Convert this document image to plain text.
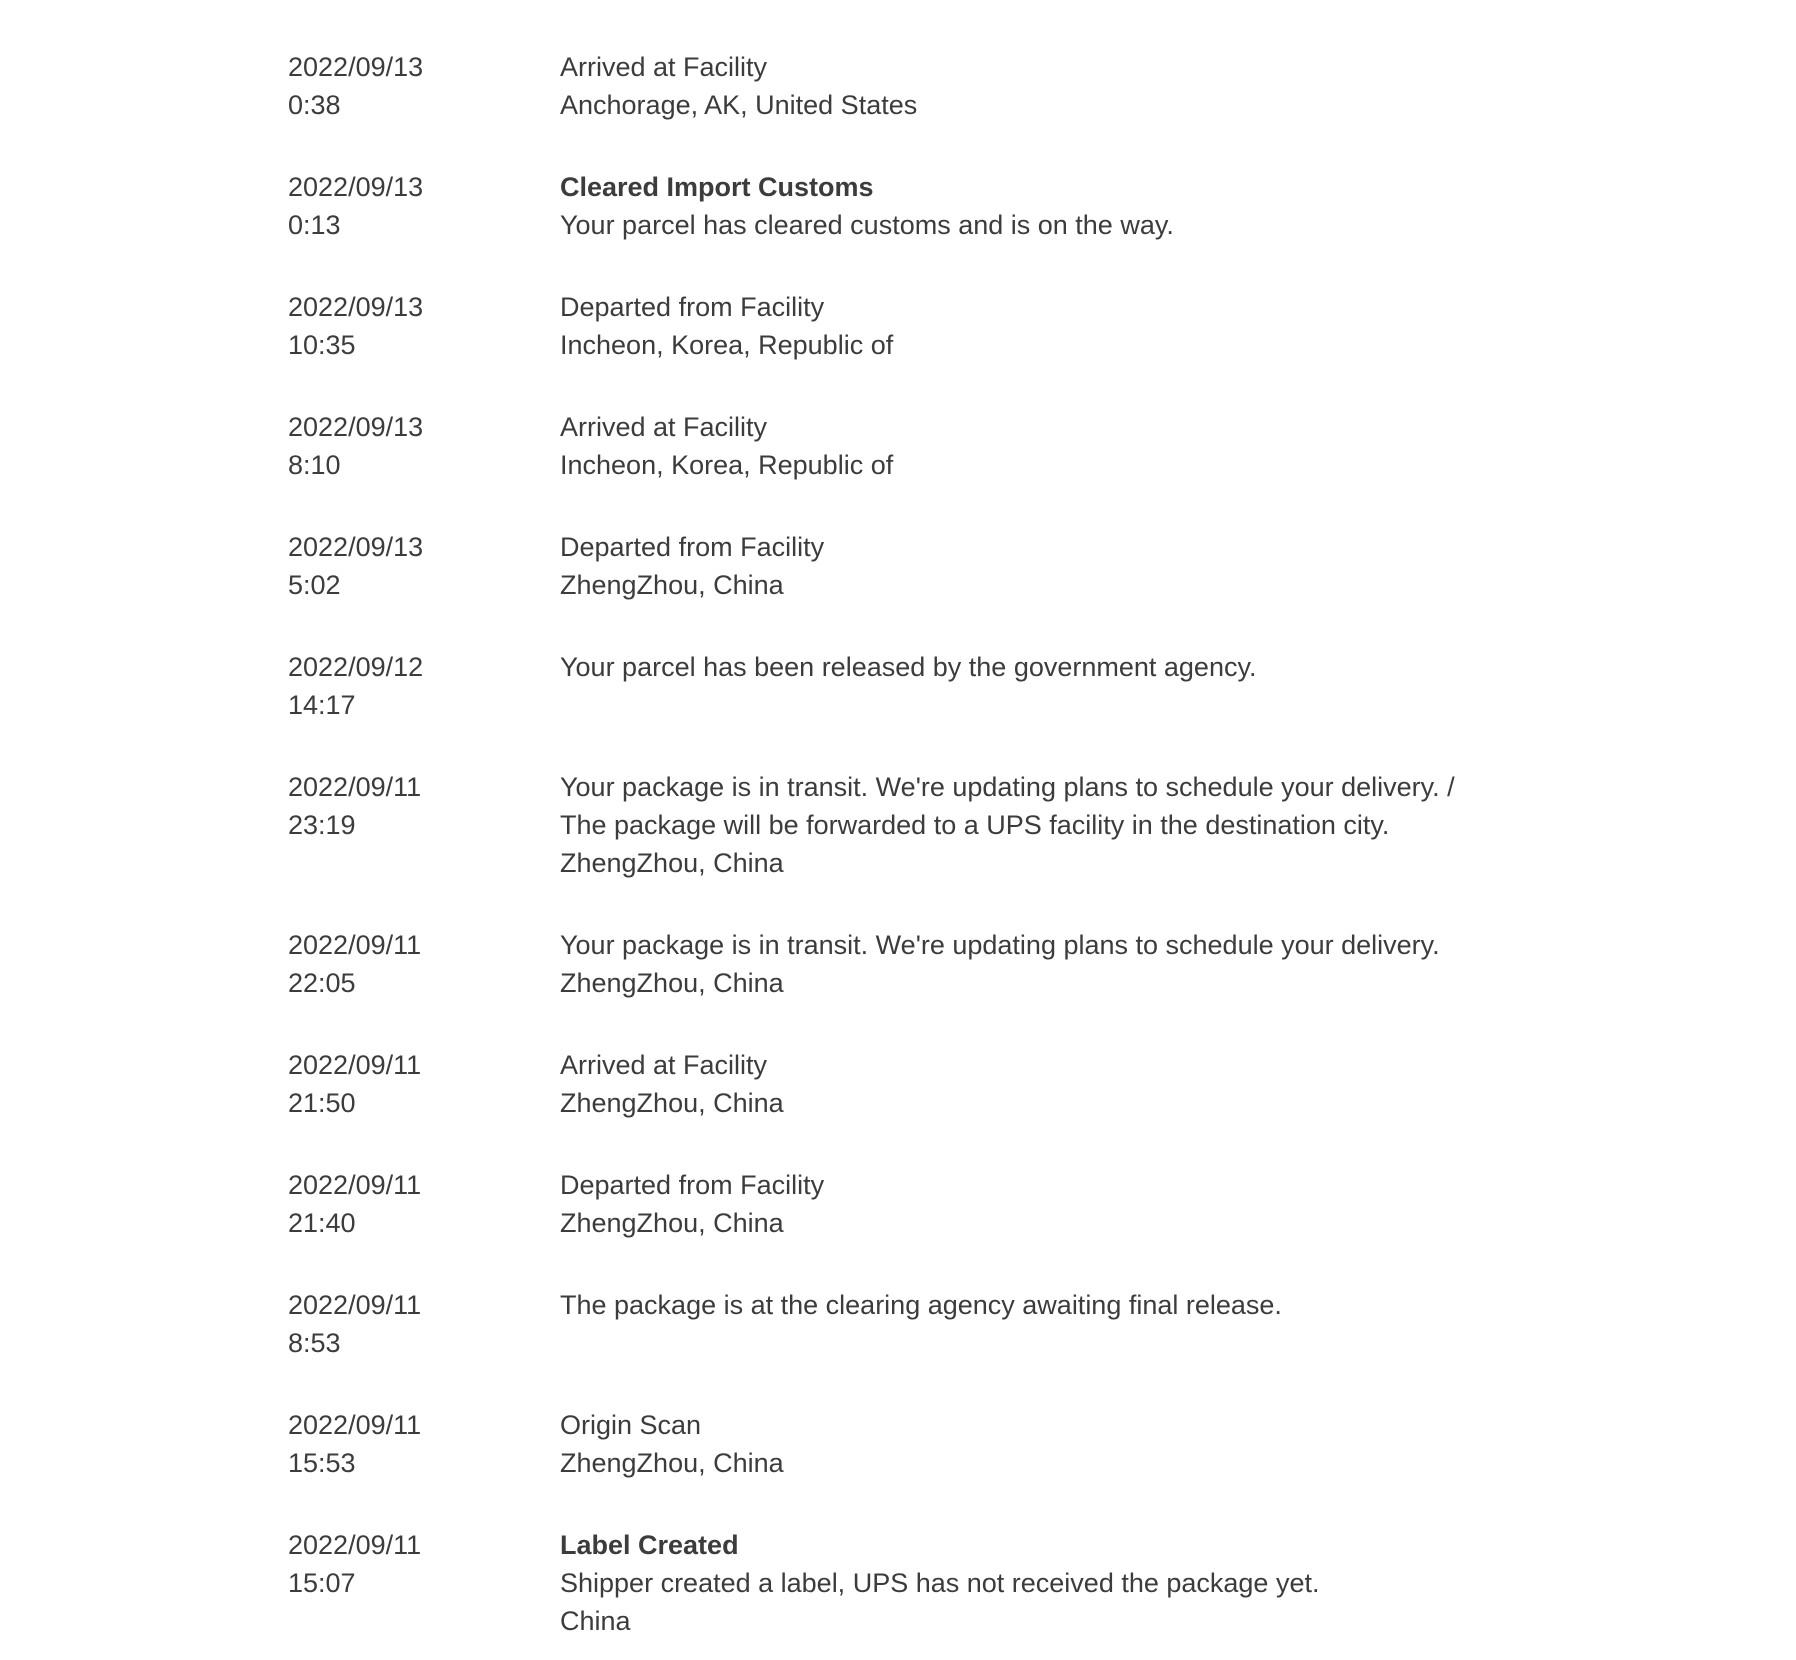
2022/09/13
0:38
Arrived at Facility
Anchorage, AK, United States
2022/09/13
0:13
Cleared Import Customs
Your parcel has cleared customs and is on the way.
2022/09/13
10:35
Departed from Facility
Incheon, Korea, Republic of
2022/09/13
8:10
Arrived at Facility
Incheon, Korea, Republic of
2022/09/13
5:02
Departed from Facility
ZhengZhou, China
2022/09/12
14:17
Your parcel has been released by the government agency.
2022/09/11
23:19
Your package is in transit. We're updating plans to schedule your delivery. /
The package will be forwarded to a UPS facility in the destination city.
ZhengZhou, China
2022/09/11
22:05
Your package is in transit. We're updating plans to schedule your delivery.
ZhengZhou, China
2022/09/11
21:50
Arrived at Facility
ZhengZhou, China
2022/09/11
21:40
Departed from Facility
ZhengZhou, China
2022/09/11
8:53
The package is at the clearing agency awaiting final release.
2022/09/11
15:53
Origin Scan
ZhengZhou, China
2022/09/11
15:07
Label Created
Shipper created a label, UPS has not received the package yet.
China
